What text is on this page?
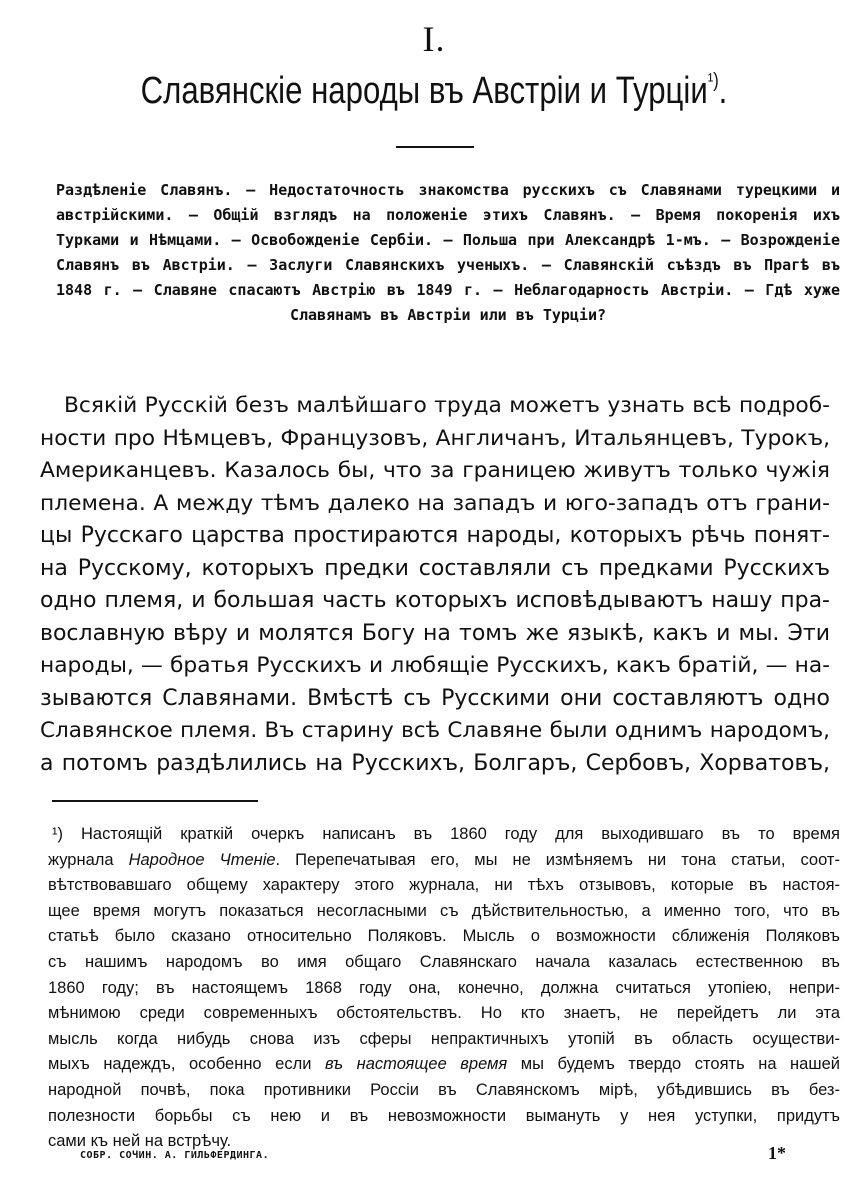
I.
Славянскiе народы въ Австрiи и Турцiи$^{^1)}$.
Раздѣленiе Славянъ. — Недостаточность знакомства русскихъ съ Славянами турецкими и австрiйскими. — Общiй взглядъ на положенiе этихъ Славянъ. — Время покоренiя ихъ Турками и Нѣмцами. — Освобожденiе Сербiи. — Польша при Александрѣ 1-мъ. — Возрожденiе Славянъ въ Австрiи. — Заслуги Славянскихъ ученыхъ. — Славянскiй съѣздъ въ Прагѣ въ 1848 г. — Славяне спасаютъ Австрiю въ 1849 г. — Неблагодарность Австрiи. — Гдѣ хуже Славянамъ въ Австрiи или въ Турцiи?
Всякiй Русскiй безъ малѣйшаго труда можетъ узнать всѣ подроб-
ности про Нѣмцевъ, Французовъ, Англичанъ, Итальянцевъ, Турокъ,
Американцевъ. Казалось бы, что за границею живутъ только чужiя
племена. А между тѣмъ далеко на западъ и юго-западъ отъ грани-
цы Русскаго царства простираются народы, которыхъ рѣчь понят-
на Русскому, которыхъ предки составляли съ предками Русскихъ
одно племя, и большая часть которыхъ исповѣдываютъ нашу пра-
вославную вѣру и молятся Богу на томъ же языкѣ, какъ и мы. Эти
народы, — братья Русскихъ и любящiе Русскихъ, какъ братiй, — на-
зываются Славянами. Вмѣстѣ съ Русскими они составляютъ одно
Славянское племя. Въ старину всѣ Славяне были однимъ народомъ,
а потомъ раздѣлились на Русскихъ, Болгаръ, Сербовъ, Хорватовъ,
¹) Настоящiй краткiй очеркъ написанъ въ 1860 году для выходившаго въ то время
журнала Народное Чтенiе. Перепечатывая его, мы не измѣняемъ ни тона статьи, соот-
вѣтствовавшаго общему характеру этого журнала, ни тѣхъ отзывовъ, которые въ настоя-
щее время могутъ показаться несогласными съ дѣйствительностью, а именно того, что въ
статьѣ было сказано относительно Поляковъ. Мысль о возможности сближенiя Поляковъ
съ нашимъ народомъ во имя общаго Славянскаго начала казалась естественною въ
1860 году; въ настоящемъ 1868 году она, конечно, должна считаться утопiею, непри-
мѣнимою среди современныхъ обстоятельствъ. Но кто знаетъ, не перейдетъ ли эта
мысль когда нибудь снова изъ сферы непрактичныхъ утопiй въ область осуществи-
мыхъ надеждъ, особенно если въ настоящее время мы будемъ твердо стоять на нашей
народной почвѣ, пока противники Россiи въ Славянскомъ мiрѣ, убѣдившись въ без-
полезности борьбы съ нею и въ невозможности вымануть у нея уступки, придутъ
сами къ ней на встрѣчу.
СОБР. СОЧИН. А. ГИЛЬФЕРДИНГА.	1*
